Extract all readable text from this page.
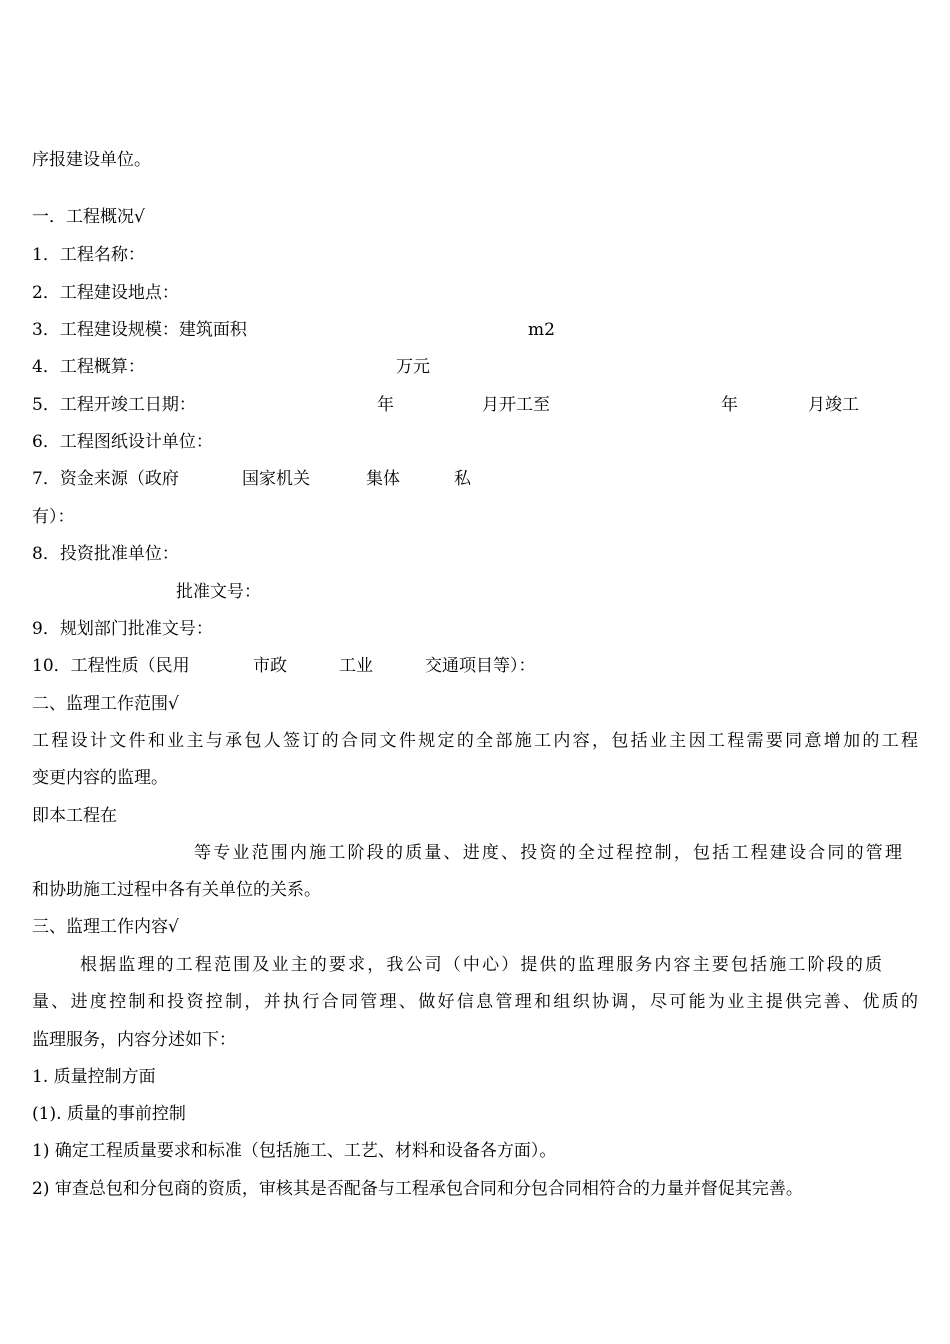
序报建设单位。
一．工程概况√
1．工程名称：
2．工程建设地点：
3．工程建设规模：建筑面积	m2
4．工程概算：	万元
5．工程开竣工日期：	年	月开工至	年	月竣工
6．工程图纸设计单位：
7．资金来源（政府	国家机关	集体	私
有）：
8．投资批准单位：
批准文号：
9．规划部门批准文号：
10．工程性质（民用	市政	工业	交通项目等）：
二、监理工作范围√
工程设计文件和业主与承包人签订的合同文件规定的全部施工内容，包括业主因工程需要同意增加的工程
变更内容的监理。
即本工程在
等专业范围内施工阶段的质量、进度、投资的全过程控制，包括工程建设合同的管理
和协助施工过程中各有关单位的关系。
三、监理工作内容√
根据监理的工程范围及业主的要求，我公司（中心）提供的监理服务内容主要包括施工阶段的质
量、进度控制和投资控制，并执行合同管理、做好信息管理和组织协调，尽可能为业主提供完善、优质的
监理服务，内容分述如下：
1. 质量控制方面
(1). 质量的事前控制
1) 确定工程质量要求和标准（包括施工、工艺、材料和设备各方面）。
2) 审查总包和分包商的资质，审核其是否配备与工程承包合同和分包合同相符合的力量并督促其完善。
